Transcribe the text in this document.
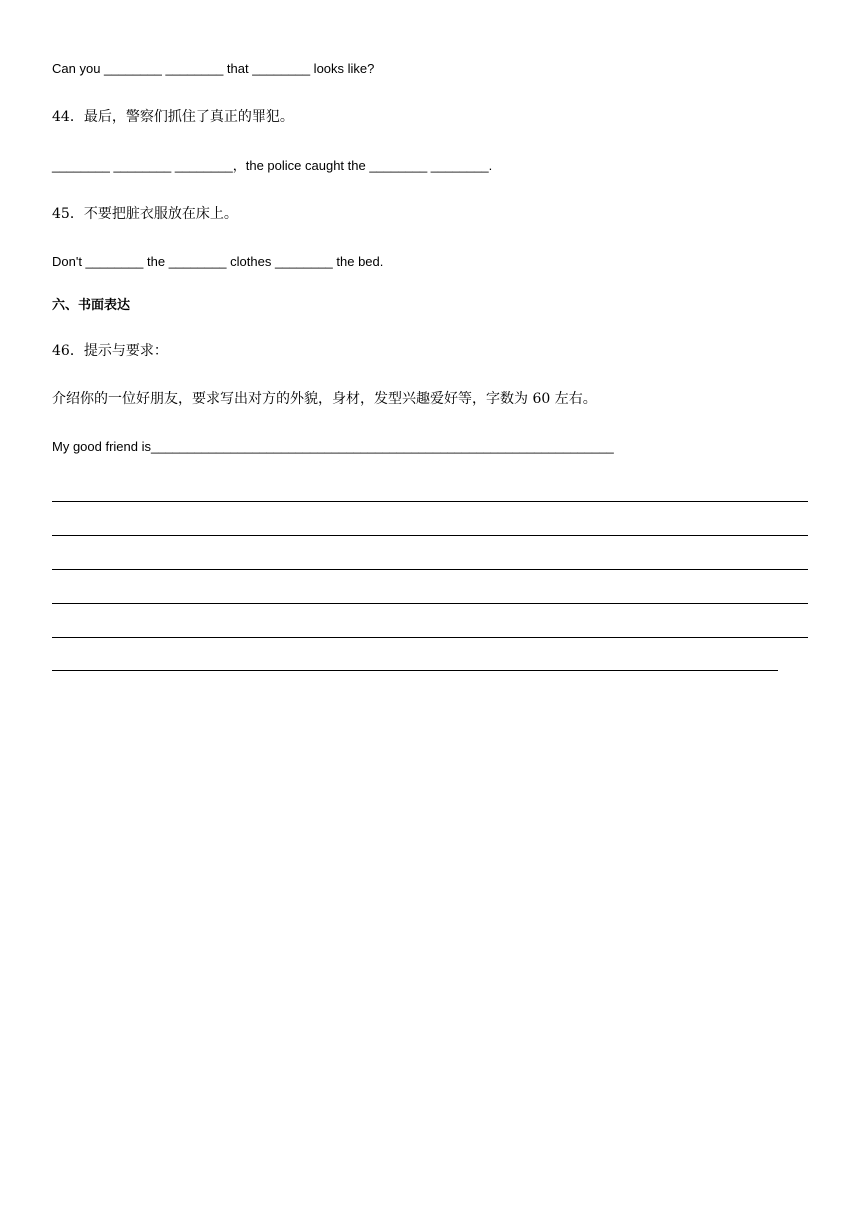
Can you ________ ________ that ________ looks like?
44．最后，警察们抓住了真正的罪犯。
________ ________ ________，the police caught the ________ ________.
45．不要把脏衣服放在床上。
Don't ________ the ________ clothes ________ the bed.
六、书面表达
46．提示与要求：
介绍你的一位好朋友，要求写出对方的外貌，身材，发型兴趣爱好等，字数为 60 左右。
My good friend is________________________________________________________________
